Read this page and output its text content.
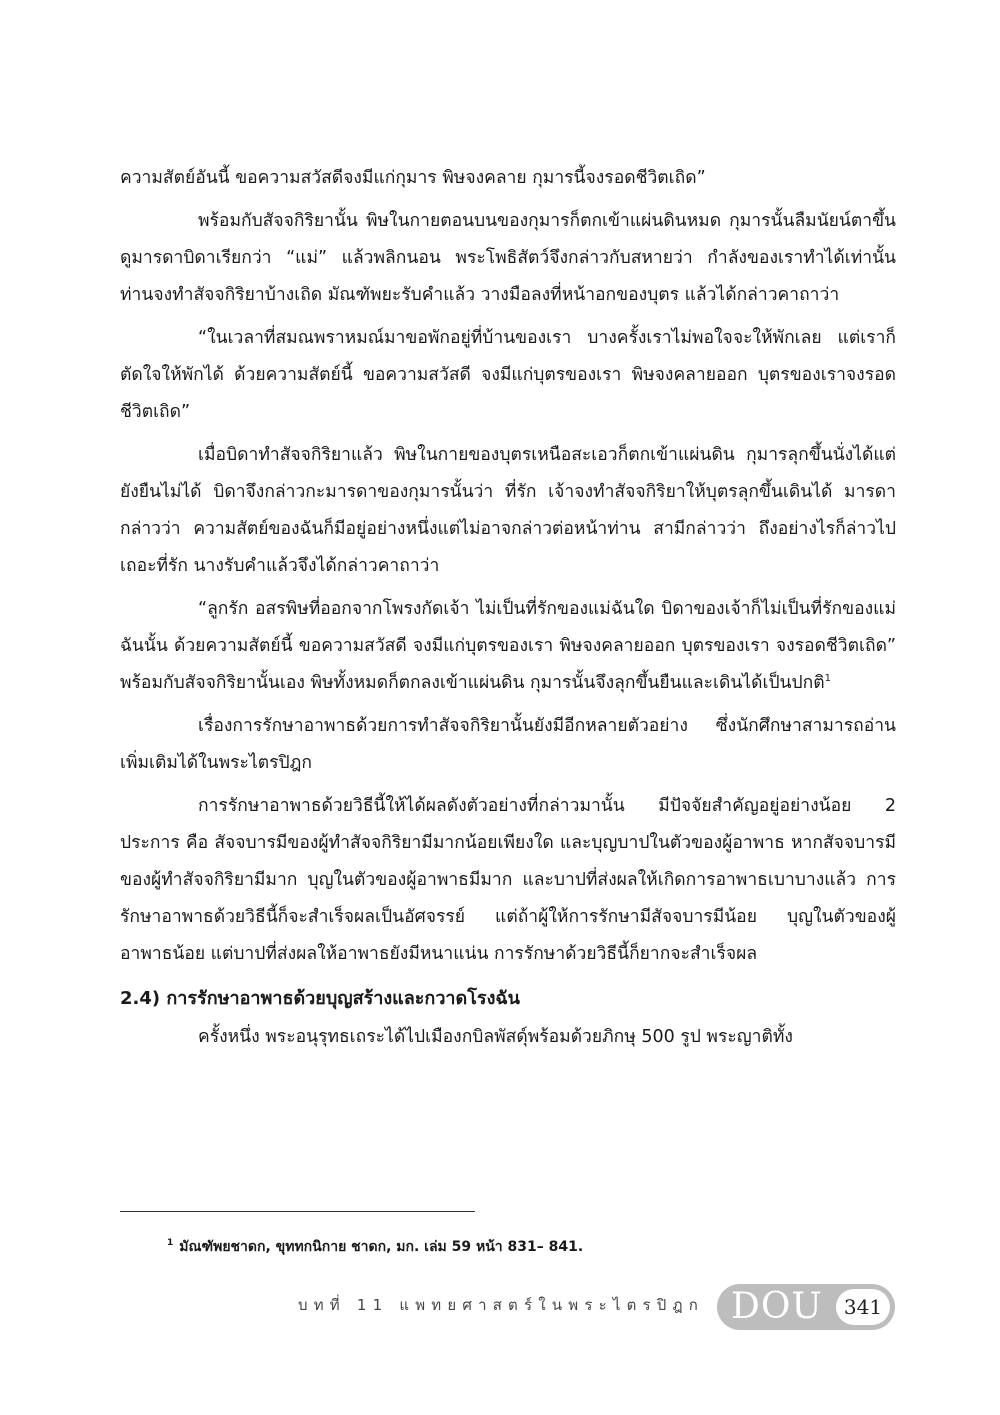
ความสัตย์อันนี้ ขอความสวัสดีจงมีแก่กุมาร พิษจงคลาย กุมารนี้จงรอดชีวิตเถิด”

พร้อมกับสัจจกิริยานั้น พิษในกายตอนบนของกุมารก็ตกเข้าแผ่นดินหมด กุมารนั้นลืมนัยน์ตาขึ้นดูมารดาบิดาเรียกว่า “แม่” แล้วพลิกนอน พระโพธิสัตว์จึงกล่าวกับสหายว่า กำลังของเราทำได้เท่านั้น ท่านจงทำสัจจกิริยาบ้างเถิด มัณฑัพยะรับคำแล้ว วางมือลงที่หน้าอกของบุตร แล้วได้กล่าวคาถาว่า

“ในเวลาที่สมณพราหมณ์มาขอพักอยู่ที่บ้านของเรา บางครั้งเราไม่พอใจจะให้พักเลย แต่เราก็ตัดใจให้พักได้ ด้วยความสัตย์นี้ ขอความสวัสดี จงมีแก่บุตรของเรา พิษจงคลายออก บุตรของเราจงรอดชีวิตเถิด”

เมื่อบิดาทำสัจจกิริยาแล้ว พิษในกายของบุตรเหนือสะเอวก็ตกเข้าแผ่นดิน กุมารลุกขึ้นนั่งได้แต่ยังยืนไม่ได้ บิดาจึงกล่าวกะมารดาของกุมารนั้นว่า ที่รัก เจ้าจงทำสัจจกิริยาให้บุตรลุกขึ้นเดินได้ มารดากล่าวว่า ความสัตย์ของฉันก็มีอยู่อย่างหนึ่งแต่ไม่อาจกล่าวต่อหน้าท่าน สามีกล่าวว่า ถึงอย่างไรก็ล่าวไปเถอะที่รัก นางรับคำแล้วจึงได้กล่าวคาถาว่า

“ลูกรัก อสรพิษที่ออกจากโพรงกัดเจ้า ไม่เป็นที่รักของแม่ฉันใด บิดาของเจ้าก็ไม่เป็นที่รักของแม่ฉันนั้น ด้วยความสัตย์นี้ ขอความสวัสดี จงมีแก่บุตรของเรา พิษจงคลายออก บุตรของเรา จงรอดชีวิตเถิด” พร้อมกับสัจจกิริยานั้นเอง พิษทั้งหมดก็ตกลงเข้าแผ่นดิน กุมารนั้นจึงลุกขึ้นยืนและเดินได้เป็นปกติ$^1$

เรื่องการรักษาอาพาธด้วยการทำสัจจกิริยานั้นยังมีอีกหลายตัวอย่าง ซึ่งนักศึกษาสามารถอ่านเพิ่มเติมได้ในพระไตรปิฎก

การรักษาอาพาธด้วยวิธีนี้ให้ได้ผลดังตัวอย่างที่กล่าวมานั้น มีปัจจัยสำคัญอยู่อย่างน้อย 2 ประการ คือ สัจจบารมีของผู้ทำสัจจกิริยามีมากน้อยเพียงใด และบุญบาปในตัวของผู้อาพาธ หากสัจจบารมีของผู้ทำสัจจกิริยามีมาก บุญในตัวของผู้อาพาธมีมาก และบาปที่ส่งผลให้เกิดการอาพาธเบาบางแล้ว การรักษาอาพาธด้วยวิธีนี้ก็จะสำเร็จผลเป็นอัศจรรย์ แต่ถ้าผู้ให้การรักษามีสัจจบารมีน้อย บุญในตัวของผู้อาพาธน้อย แต่บาปที่ส่งผลให้อาพาธยังมีหนาแน่น การรักษาด้วยวิธีนี้ก็ยากจะสำเร็จผล

2.4) การรักษาอาพาธด้วยบุญสร้างและกวาดโรงฉัน

ครั้งหนึ่ง พระอนุรุทธเถระได้ไปเมืองกบิลพัสดุ์พร้อมด้วยภิกษุ 500 รูป พระญาติทั้ง

$^1$ มัณฑัพยชาดก, ขุททกนิกาย ชาดก, มก. เล่ม 59 หน้า 831– 841.
บทที่ 11 แพทยศาสตร์ในพระไตรปิฎก DOU	341
